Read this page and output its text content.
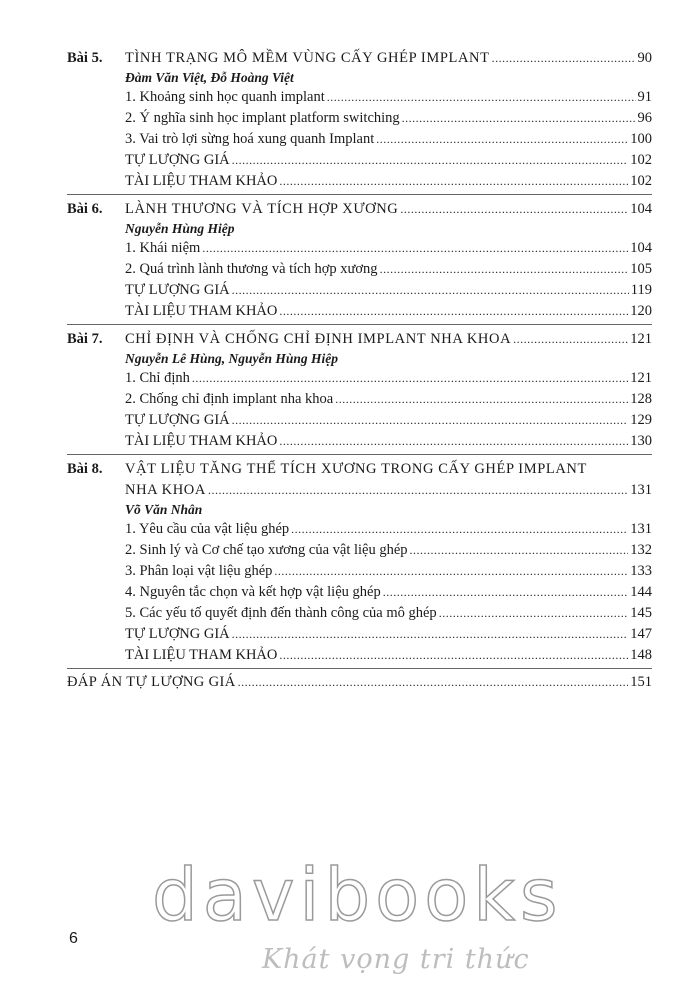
Bài 5.	TÌNH TRẠNG MÔ MỀM VÙNG CẤY GHÉP IMPLANT .....	90
Đàm Văn Việt, Đỗ Hoàng Việt
1. Khoảng sinh học quanh implant .....	91
2. Ý nghĩa sinh học implant platform switching .....	96
3. Vai trò lợi sừng hoá xung quanh Implant .....	100
TỰ LƯỢNG GIÁ .....	102
TÀI LIỆU THAM KHẢO .....	102
Bài 6.	LÀNH THƯƠNG VÀ TÍCH HỢP XƯƠNG .....	104
Nguyễn Hùng Hiệp
1. Khái niệm .....	104
2. Quá trình lành thương và tích hợp xương .....	105
TỰ LƯỢNG GIÁ .....	119
TÀI LIỆU THAM KHẢO .....	120
Bài 7.	CHỈ ĐỊNH VÀ CHỐNG CHỈ ĐỊNH IMPLANT NHA KHOA .....	121
Nguyễn Lê Hùng, Nguyễn Hùng Hiệp
1. Chỉ định .....	121
2. Chống chỉ định implant nha khoa .....	128
TỰ LƯỢNG GIÁ .....	129
TÀI LIỆU THAM KHẢO .....	130
Bài 8.	VẬT LIỆU TĂNG THỂ TÍCH XƯƠNG TRONG CẤY GHÉP IMPLANT
NHA KHOA .....	131
Võ Văn Nhân
1. Yêu cầu của vật liệu ghép .....	131
2. Sinh lý và Cơ chế tạo xương của vật liệu ghép .....	132
3. Phân loại vật liệu ghép .....	133
4. Nguyên tắc chọn và kết hợp vật liệu ghép .....	144
5. Các yếu tố quyết định đến thành công của mô ghép .....	145
TỰ LƯỢNG GIÁ .....	147
TÀI LIỆU THAM KHẢO .....	148
ĐÁP ÁN TỰ LƯỢNG GIÁ .....	151
6
davibooks
Khát vọng tri thức
